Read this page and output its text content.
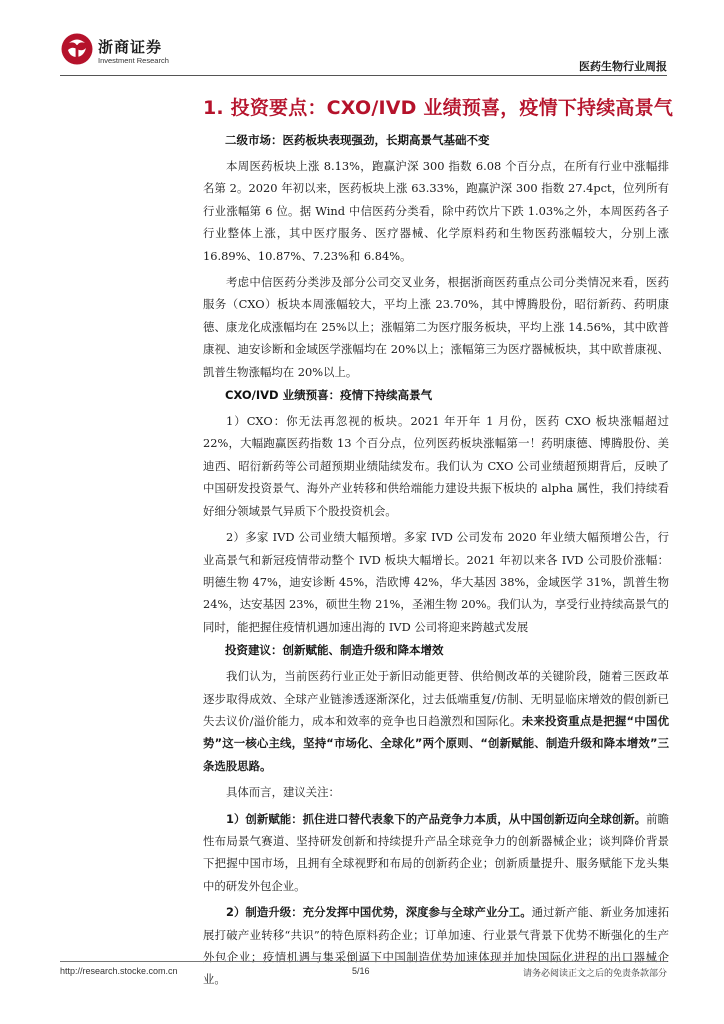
浙商证券
Investment Research	医药生物行业周报
1. 投资要点：CXO/IVD 业绩预喜，疫情下持续高景气
二级市场：医药板块表现强劲，长期高景气基础不变

本周医药板块上涨 8.13%，跑赢沪深 300 指数 6.08 个百分点，在所有行业中涨幅排名第 2。2020 年初以来，医药板块上涨 63.33%，跑赢沪深 300 指数 27.4pct，位列所有行业涨幅第 6 位。据 Wind 中信医药分类看，除中药饮片下跌 1.03%之外，本周医药各子行业整体上涨，其中医疗服务、医疗器械、化学原料药和生物医药涨幅较大，分别上涨 16.89%、10.87%、7.23%和 6.84%。

考虑中信医药分类涉及部分公司交叉业务，根据浙商医药重点公司分类情况来看，医药服务（CXO）板块本周涨幅较大，平均上涨 23.70%，其中博腾股份，昭衍新药、药明康德、康龙化成涨幅均在 25%以上；涨幅第二为医疗服务板块，平均上涨 14.56%，其中欧普康视、迪安诊断和金域医学涨幅均在 20%以上；涨幅第三为医疗器械板块，其中欧普康视、凯普生物涨幅均在 20%以上。

CXO/IVD 业绩预喜：疫情下持续高景气

1）CXO：你无法再忽视的板块。2021 年开年 1 月份，医药 CXO 板块涨幅超过 22%，大幅跑赢医药指数 13 个百分点，位列医药板块涨幅第一！药明康德、博腾股份、美迪西、昭衍新药等公司超预期业绩陆续发布。我们认为 CXO 公司业绩超预期背后，反映了中国研发投资景气、海外产业转移和供给端能力建设共振下板块的 alpha 属性，我们持续看好细分领域景气异质下个股投资机会。

2）多家 IVD 公司业绩大幅预增。多家 IVD 公司发布 2020 年业绩大幅预增公告，行业高景气和新冠疫情带动整个 IVD 板块大幅增长。2021 年初以来各 IVD 公司股价涨幅：明德生物 47%，迪安诊断 45%，浩欧博 42%，华大基因 38%，金域医学 31%，凯普生物 24%，达安基因 23%，硕世生物 21%，圣湘生物 20%。我们认为，享受行业持续高景气的同时，能把握住疫情机遇加速出海的 IVD 公司将迎来跨越式发展

投资建议：创新赋能、制造升级和降本增效

我们认为，当前医药行业正处于新旧动能更替、供给侧改革的关键阶段，随着三医政革逐步取得成效、全球产业链渗透逐渐深化，过去低端重复/仿制、无明显临床增效的假创新已失去议价/溢价能力，成本和效率的竞争也日趋激烈和国际化。未来投资重点是把握“中国优势”这一核心主线，坚持“市场化、全球化”两个原则、“创新赋能、制造升级和降本增效”三条选股思路。

具体而言，建议关注：

1）创新赋能：抓住进口替代表象下的产品竞争力本质，从中国创新迈向全球创新。前瞻性布局景气赛道、坚持研发创新和持续提升产品全球竞争力的创新器械企业；谈判降价背景下把握中国市场，且拥有全球视野和布局的创新药企业；创新质量提升、服务赋能下龙头集中的研发外包企业。

2）制造升级：充分发挥中国优势，深度参与全球产业分工。通过新产能、新业务加速拓展打破产业转移“共识”的特色原料药企业；订单加速、行业景气背景下优势不断强化的生产外包企业；疫情机遇与集采倒逼下中国制造优势加速体现并加快国际化进程的出口器械企业。

http://research.stocke.com.cn	5/16	请务必阅读正文之后的免责条款部分
